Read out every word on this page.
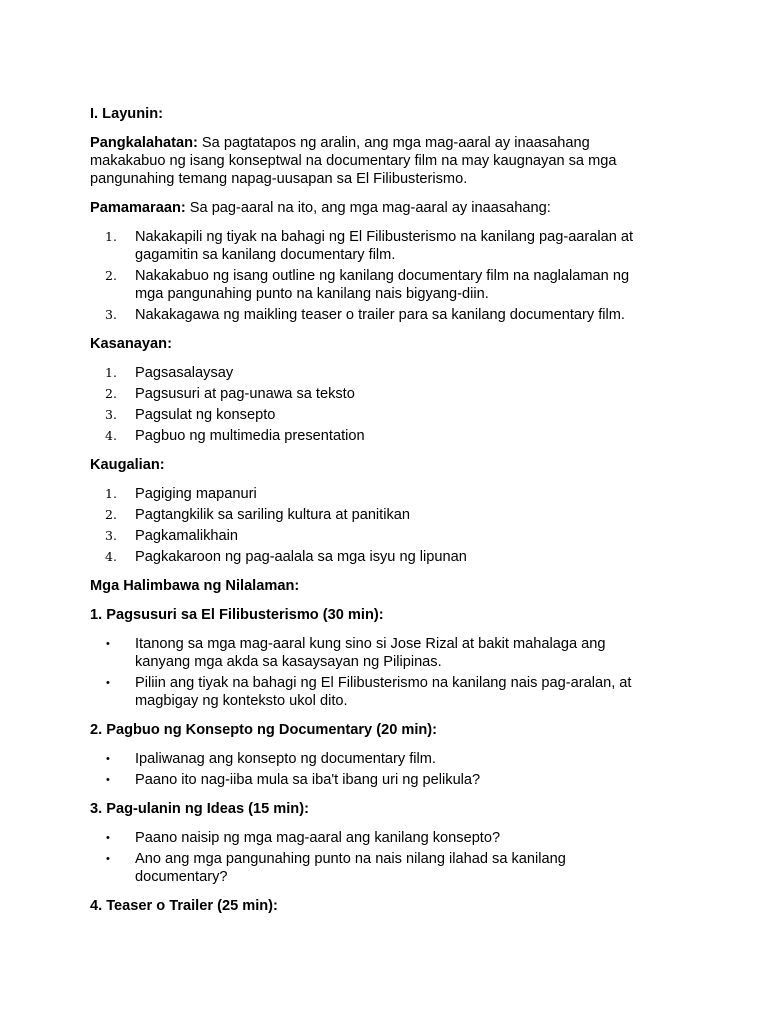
I. Layunin:

Pangkalahatan: Sa pagtatapos ng aralin, ang mga mag-aaral ay inaasahang makakabuo ng isang konseptwal na documentary film na may kaugnayan sa mga pangunahing temang napag-uusapan sa El Filibusterismo.

Pamamaraan: Sa pag-aaral na ito, ang mga mag-aaral ay inaasahang:

1. Nakakapili ng tiyak na bahagi ng El Filibusterismo na kanilang pag-aaralan at gagamitin sa kanilang documentary film.
2. Nakakabuo ng isang outline ng kanilang documentary film na naglalaman ng mga pangunahing punto na kanilang nais bigyang-diin.
3. Nakakagawa ng maikling teaser o trailer para sa kanilang documentary film.
Kasanayan:
1. Pagsasalaysay
2. Pagsusuri at pag-unawa sa teksto
3. Pagsulat ng konsepto
4. Pagbuo ng multimedia presentation
Kaugalian:
1. Pagiging mapanuri
2. Pagtangkilik sa sariling kultura at panitikan
3. Pagkamalikhain
4. Pagkakaroon ng pag-aalala sa mga isyu ng lipunan
Mga Halimbawa ng Nilalaman:
1. Pagsusuri sa El Filibusterismo (30 min):
• Itanong sa mga mag-aaral kung sino si Jose Rizal at bakit mahalaga ang kanyang mga akda sa kasaysayan ng Pilipinas.
• Piliin ang tiyak na bahagi ng El Filibusterismo na kanilang nais pag-aralan, at magbigay ng konteksto ukol dito.
2. Pagbuo ng Konsepto ng Documentary (20 min):
• Ipaliwanag ang konsepto ng documentary film.
• Paano ito nag-iiba mula sa iba't ibang uri ng pelikula?
3. Pag-ulanin ng Ideas (15 min):
• Paano naisip ng mga mag-aaral ang kanilang konsepto?
• Ano ang mga pangunahing punto na nais nilang ilahad sa kanilang documentary?
4. Teaser o Trailer (25 min):
